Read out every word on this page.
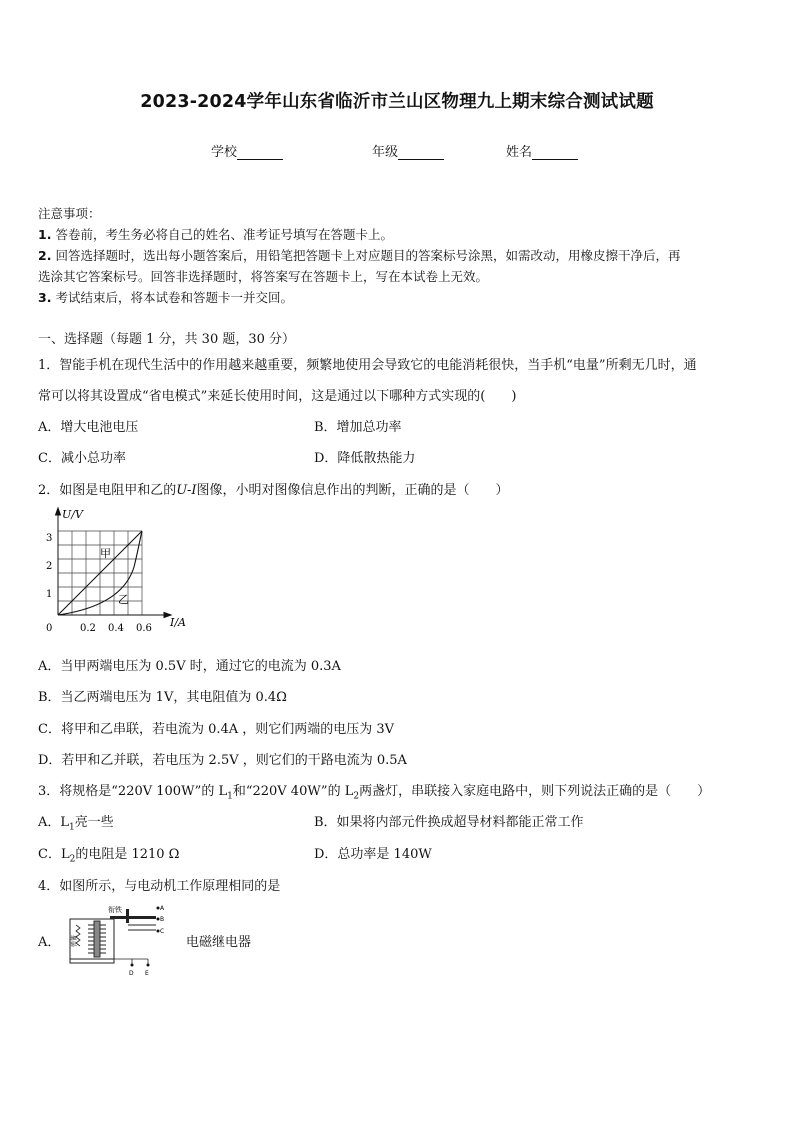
2023-2024学年山东省临沂市兰山区物理九上期末综合测试试题
学校	年级	姓名
注意事项：
1. 答卷前，考生务必将自己的姓名、准考证号填写在答题卡上。
2. 回答选择题时，选出每小题答案后，用铅笔把答题卡上对应题目的答案标号涂黑，如需改动，用橡皮擦干净后，再
选涂其它答案标号。回答非选择题时，将答案写在答题卡上，写在本试卷上无效。
3. 考试结束后，将本试卷和答题卡一并交回。
一、选择题（每题 1 分，共 30 题，30 分）
1．智能手机在现代生活中的作用越来越重要，频繁地使用会导致它的电能消耗很快，当手机“电量”所剩无几时，通
常可以将其设置成“省电模式”来延长使用时间，这是通过以下哪种方式实现的(　　)
A．增大电池电压	B．增加总功率
C．减小总功率	D．降低散热能力
2．如图是电阻甲和乙的U-I图像，小明对图像信息作出的判断，正确的是（　　）
U/V
I/A
0
1
2
3
0.2 0.4 0.6
甲
乙
A．当甲两端电压为 0.5V 时，通过它的电流为 0.3A
B．当乙两端电压为 1V，其电阻值为 0.4Ω
C．将甲和乙串联，若电流为 0.4A ，则它们两端的电压为 3V
D．若甲和乙并联，若电压为 2.5V ，则它们的干路电流为 0.5A
3．将规格是“220V 100W”的 $L_1$和“220V 40W”的 $L_2$两盏灯，串联接入家庭电路中，则下列说法正确的是（　　）
A．$L_1$亮一些	B．如果将内部元件换成超导材料都能正常工作
C．$L_2$的电阻是 1210 Ω	D．总功率是 140W
4．如图所示，与电动机工作原理相同的是
A．
衔铁
弹簧
A
B
C
D E
电磁继电器
